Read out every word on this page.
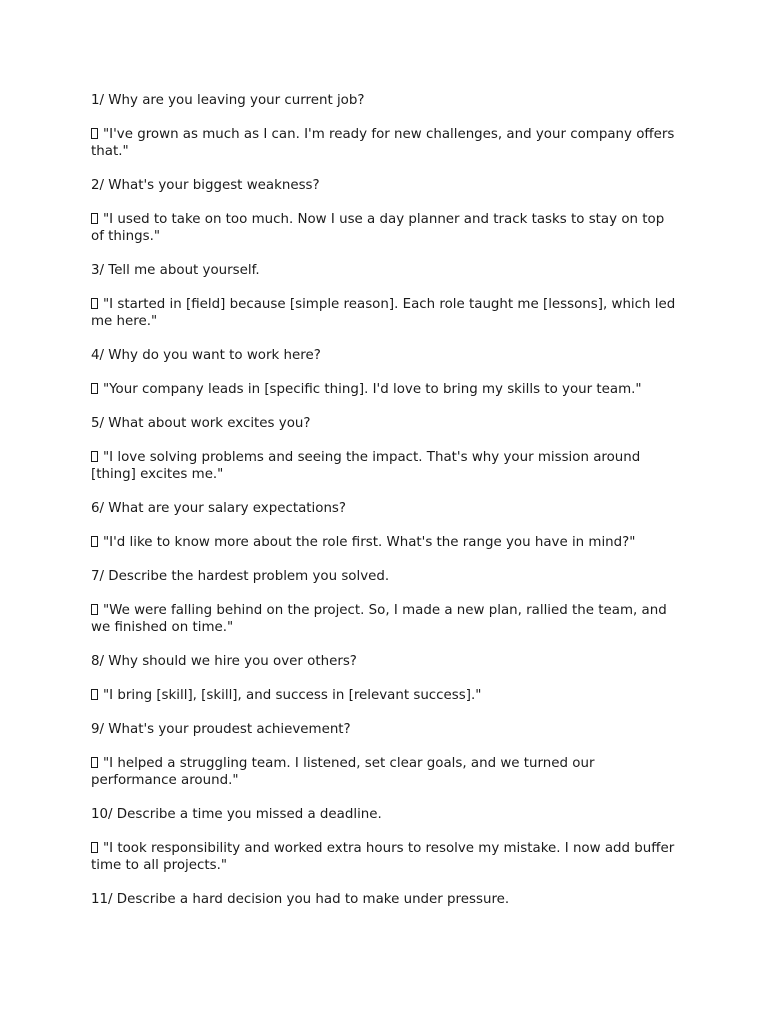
1/ Why are you leaving your current job?

"I've grown as much as I can. I'm ready for new challenges, and your company offers that."

2/ What's your biggest weakness?

"I used to take on too much. Now I use a day planner and track tasks to stay on top of things."

3/ Tell me about yourself.

"I started in [field] because [simple reason]. Each role taught me [lessons], which led me here."

4/ Why do you want to work here?

"Your company leads in [specific thing]. I'd love to bring my skills to your team."

5/ What about work excites you?

"I love solving problems and seeing the impact. That's why your mission around [thing] excites me."

6/ What are your salary expectations?

"I'd like to know more about the role first. What's the range you have in mind?"

7/ Describe the hardest problem you solved.

"We were falling behind on the project. So, I made a new plan, rallied the team, and we finished on time."

8/ Why should we hire you over others?

"I bring [skill], [skill], and success in [relevant success]."

9/ What's your proudest achievement?

"I helped a struggling team. I listened, set clear goals, and we turned our performance around."

10/ Describe a time you missed a deadline.

"I took responsibility and worked extra hours to resolve my mistake. I now add buffer time to all projects."

11/ Describe a hard decision you had to make under pressure.
